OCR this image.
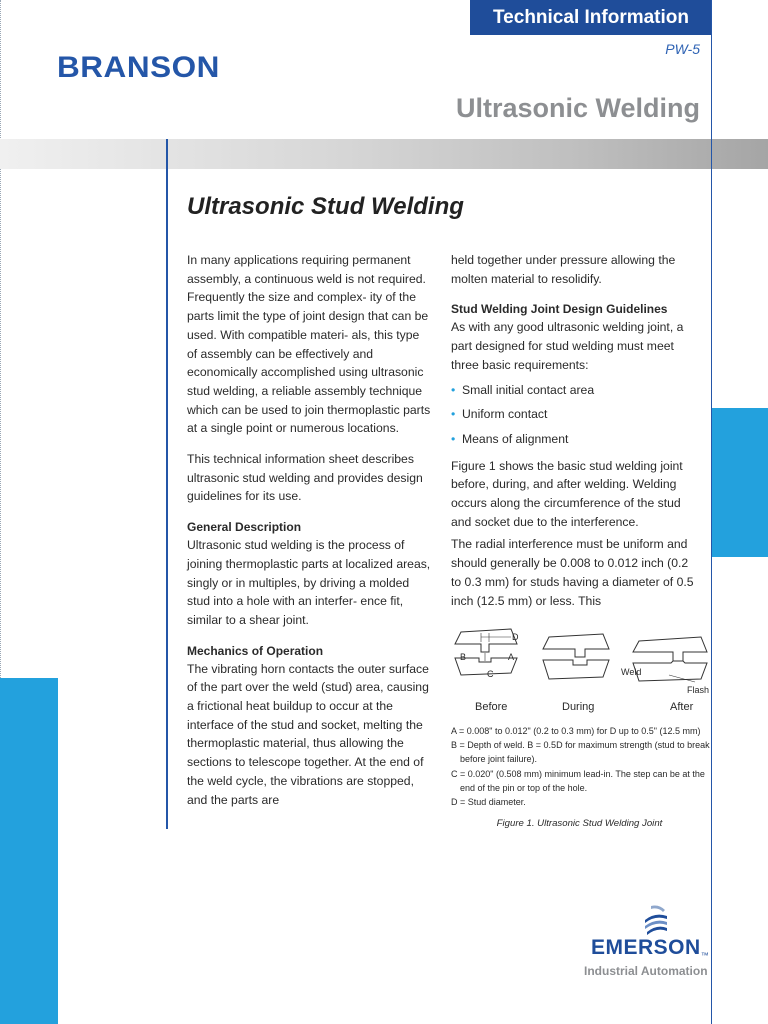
Technical Information
PW-5
BRANSON
Ultrasonic Welding
Ultrasonic Stud Welding

In many applications requiring permanent assembly, a continuous weld is not required. Frequently the size and complex- ity of the parts limit the type of joint design that can be used. With compatible materi- als, this type of assembly can be effectively and economically accomplished using ultrasonic stud welding, a reliable assembly technique which can be used to join thermoplastic parts at a single point or numerous locations.

This technical information sheet describes ultrasonic stud welding and provides design guidelines for its use.

General Description

Ultrasonic stud welding is the process of joining thermoplastic parts at localized areas, singly or in multiples, by driving a molded stud into a hole with an interfer- ence fit, similar to a shear joint.

Mechanics of Operation

The vibrating horn contacts the outer surface of the part over the weld (stud) area, causing a frictional heat buildup to occur at the interface of the stud and socket, melting the thermoplastic material, thus allowing the sections to telescope together. At the end of the weld cycle, the vibrations are stopped, and the parts are

held together under pressure allowing the molten material to resolidify.

Stud Welding Joint Design Guidelines

As with any good ultrasonic welding joint, a part designed for stud welding must meet three basic requirements:

• Small initial contact area
• Uniform contact
• Means of alignment

Figure 1 shows the basic stud welding joint before, during, and after welding. Welding occurs along the circumference of the stud and socket due to the interference.

The radial interference must be uniform and should generally be 0.008 to 0.012 inch (0.2 to 0.3 mm) for studs having a diameter of 0.5 inch (12.5 mm) or less. This

D
B	A
C	Weld
Flash
Before	During	After
A = 0.008" to 0.012" (0.2 to 0.3 mm) for D up to 0.5" (12.5 mm)
B = Depth of weld. B = 0.5D for maximum strength (stud to break
before joint failure).
C = 0.020" (0.508 mm) minimum lead-in. The step can be at the
end of the pin or top of the hole.
D = Stud diameter.
Figure 1. Ultrasonic Stud Welding Joint
EMERSON™
Industrial Automation
